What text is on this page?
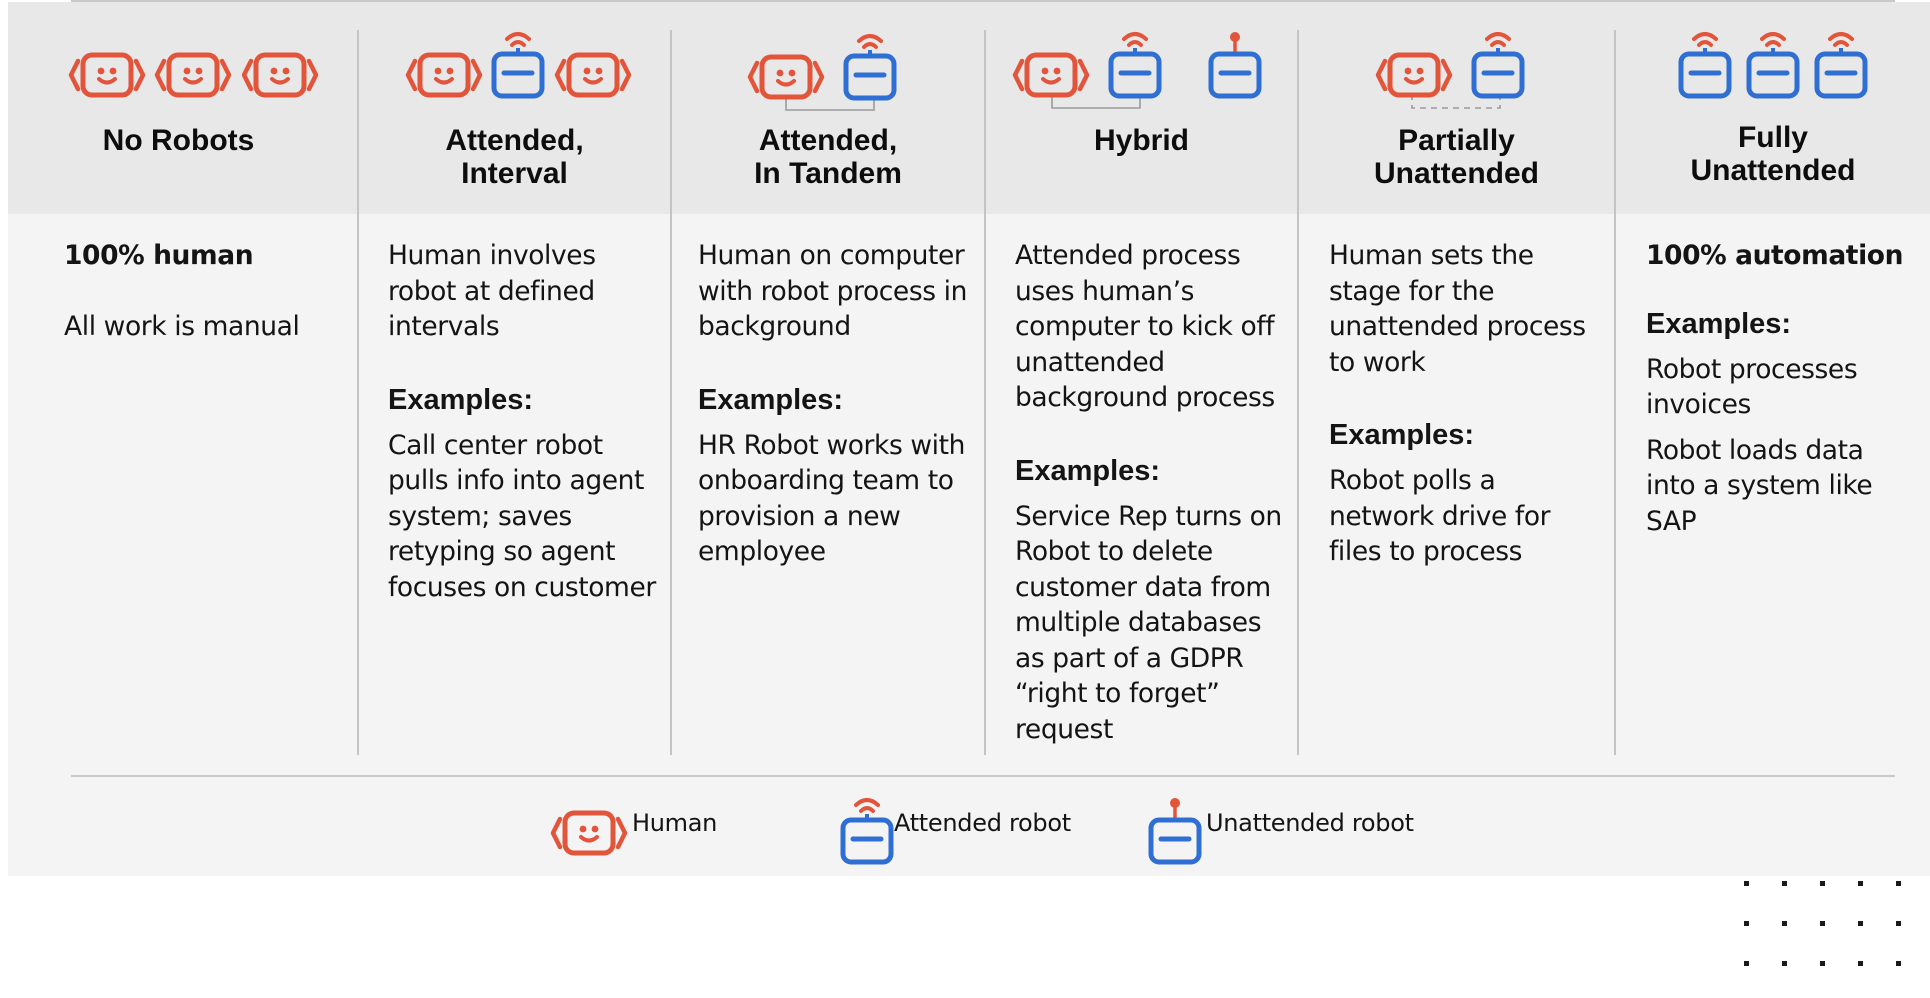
No Robots

100% human

All work is manual

Attended,
Interval

Human involves robot at defined intervals

Examples:

Call center robot pulls info into agent system; saves retyping so agent focuses on customer

Attended,
In Tandem

Human on computer with robot process in background

Examples:

HR Robot works with onboarding team to provision a new employee

Hybrid

Attended process uses human’s computer to kick off unattended background process

Examples:

Service Rep turns on Robot to delete customer data from multiple databases as part of a GDPR “right to forget” request

Partially
Unattended

Human sets the stage for the unattended process to work

Examples:

Robot polls a network drive for files to process

Fully
Unattended

100% automation

Examples:

Robot processes invoices

Robot loads data into a system like SAP

Human	Attended robot	Unattended robot
